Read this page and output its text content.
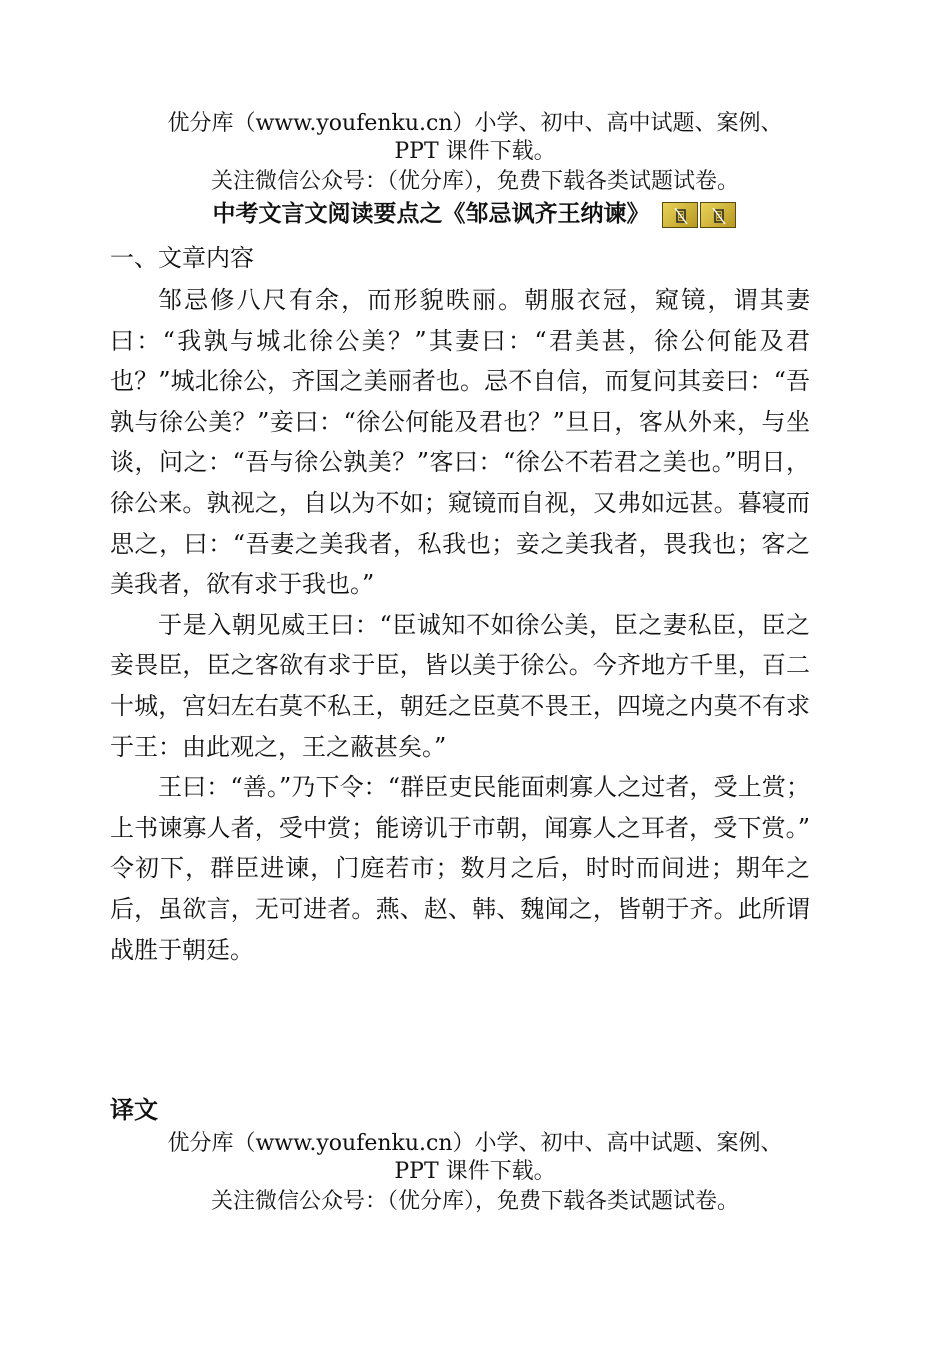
优分库（www.youfenku.cn）小学、初中、高中试题、案例、
PPT 课件下载。
关注微信公众号：（优分库），免费下载各类试题试卷。
中考文言文阅读要点之《邹忌讽齐王纳谏》
一、文章内容

邹忌修八尺有余，而形貌昳丽。朝服衣冠，窥镜，谓其妻曰：“我孰与城北徐公美？”其妻曰：“君美甚，徐公何能及君也？”城北徐公，齐国之美丽者也。忌不自信，而复问其妾曰：“吾孰与徐公美？”妾曰：“徐公何能及君也？”旦日，客从外来，与坐谈，问之：“吾与徐公孰美？”客曰：“徐公不若君之美也。”明日，徐公来。孰视之，自以为不如；窥镜而自视，又弗如远甚。暮寝而思之，曰：“吾妻之美我者，私我也；妾之美我者，畏我也；客之美我者，欲有求于我也。”

于是入朝见威王曰：“臣诚知不如徐公美，臣之妻私臣，臣之妾畏臣，臣之客欲有求于臣，皆以美于徐公。今齐地方千里，百二十城，宫妇左右莫不私王，朝廷之臣莫不畏王，四境之内莫不有求于王：由此观之，王之蔽甚矣。”

王曰：“善。”乃下令：“群臣吏民能面刺寡人之过者，受上赏；上书谏寡人者，受中赏；能谤讥于市朝，闻寡人之耳者，受下赏。” 令初下，群臣进谏，门庭若市；数月之后，时时而间进；期年之后，虽欲言，无可进者。燕、赵、韩、魏闻之，皆朝于齐。此所谓战胜于朝廷。

译文
优分库（www.youfenku.cn）小学、初中、高中试题、案例、
PPT 课件下载。
关注微信公众号：（优分库），免费下载各类试题试卷。
